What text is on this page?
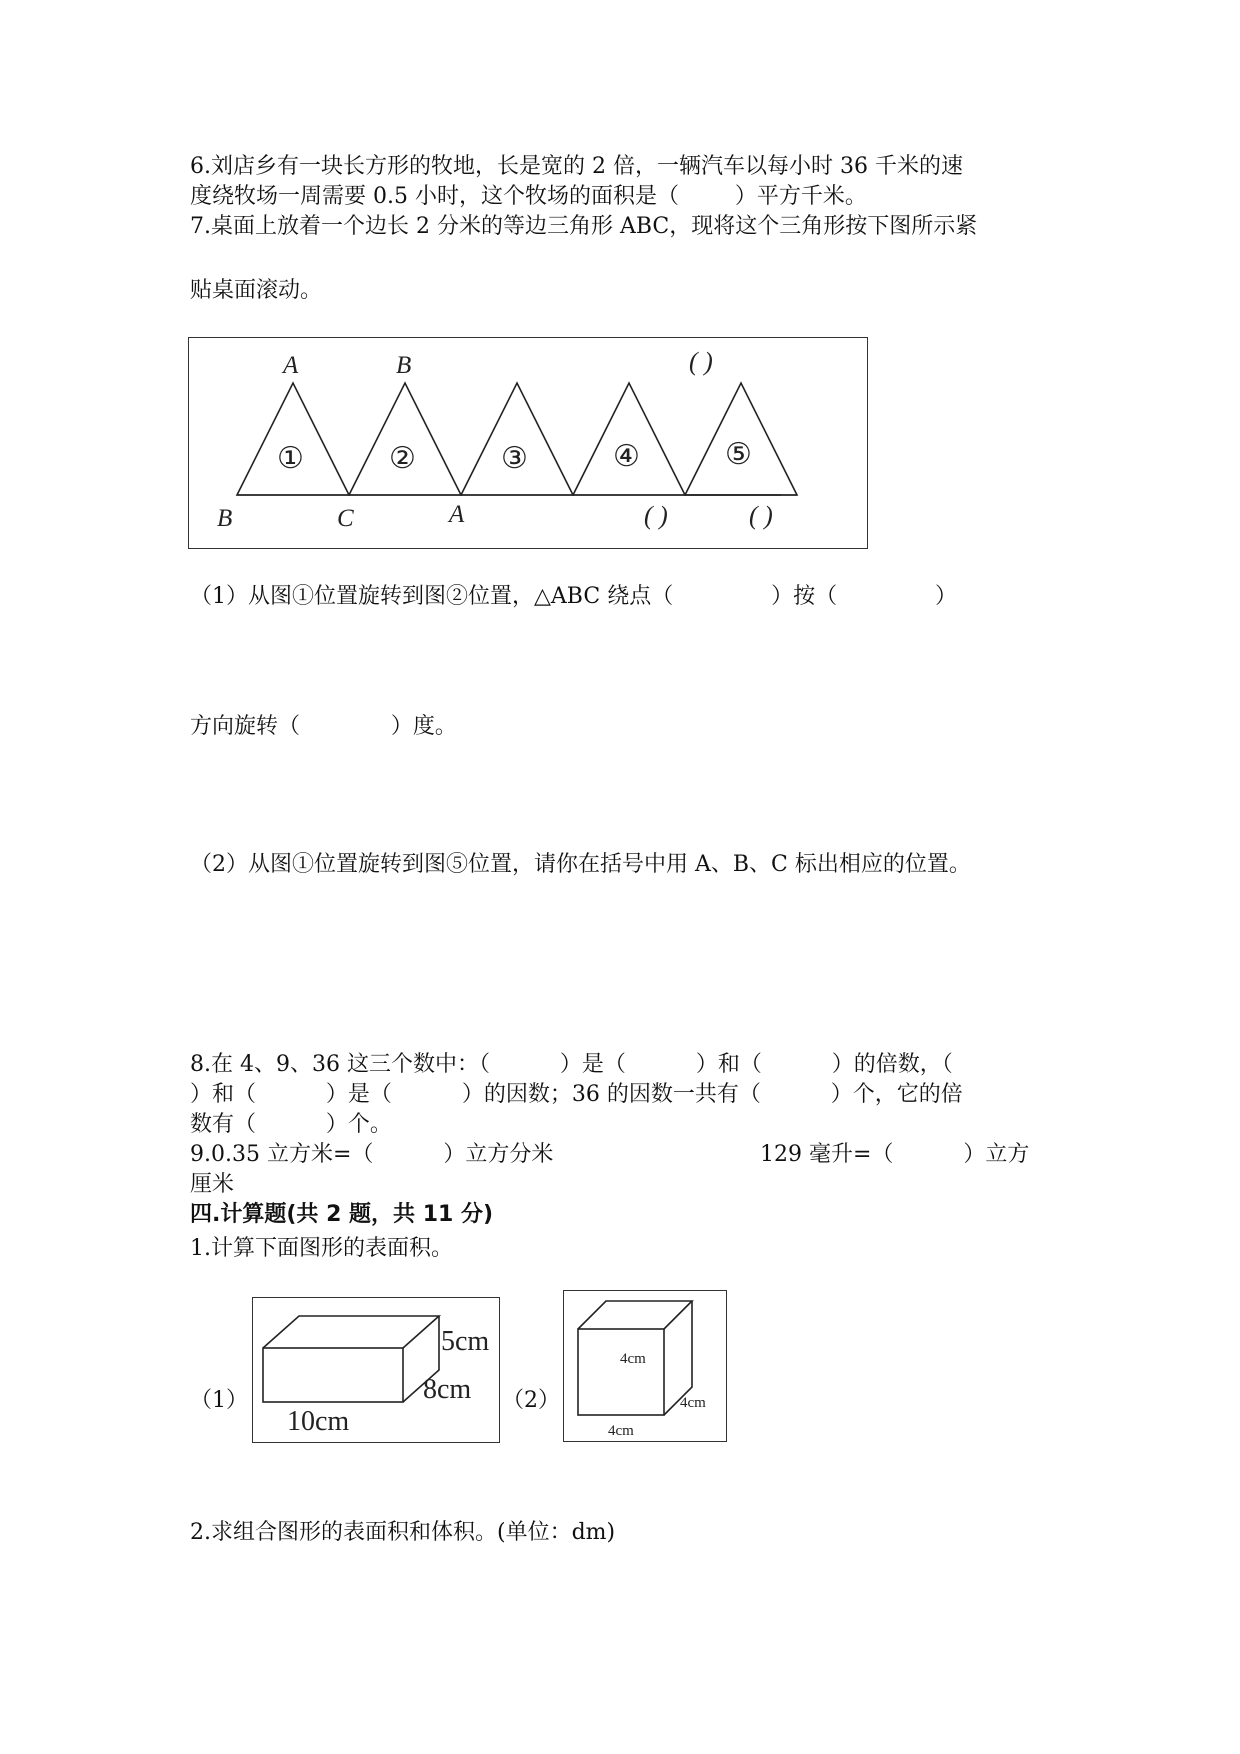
6.刘店乡有一块长方形的牧地，长是宽的 2 倍，一辆汽车以每小时 36 千米的速
度绕牧场一周需要 0.5 小时，这个牧场的面积是（        ）平方千米。
7.桌面上放着一个边长 2 分米的等边三角形 ABC，现将这个三角形按下图所示紧
贴桌面滚动。
A	B
B	C	A
①	②	③	④	⑤
( )
( )	( )
（1）从图①位置旋转到图②位置，△ABC 绕点（              ）按（              ）
方向旋转（             ）度。
（2）从图①位置旋转到图⑤位置，请你在括号中用 A、B、C 标出相应的位置。
8.在 4、9、36 这三个数中：（          ）是（          ）和（          ）的倍数，（
）和（          ）是（          ）的因数；36 的因数一共有（          ）个，它的倍
数有（          ）个。
9.0.35 立方米=（          ）立方分米	129 毫升=（          ）立方
厘米
四.计算题(共 2 题，共 11 分)
1.计算下面图形的表面积。
（1）
5cm
8cm
10cm
（2）
4cm
4cm
4cm
2.求组合图形的表面积和体积。(单位：dm)
